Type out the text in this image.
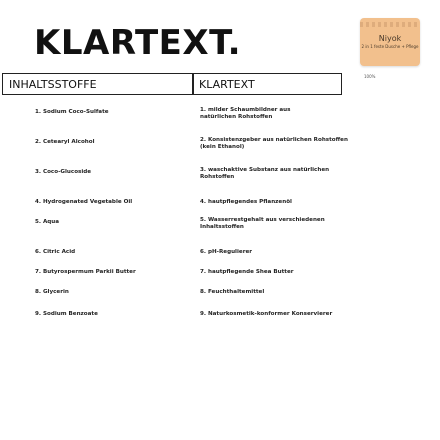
KLARTEXT.	Niyok
2 in 1 feste Dusche + Pflege
100%
INHALTSSTOFFE	KLARTEXT
1. Sodium Coco-Sulfate
2. Cetearyl Alcohol
3. Coco-Glucoside
4. Hydrogenated Vegetable Oil
5. Aqua
6. Citric Acid
7. Butyrospermum Parkii Butter
8. Glycerin
9. Sodium Benzoate
1. milder Schaumbildner aus
natürlichen Rohstoffen
2. Konsistenzgeber aus natürlichen Rohstoffen
(kein Ethanol)
3. waschaktive Substanz aus natürlichen
Rohstoffen
4. hautpflegendes Pflanzenöl
5. Wasserrestgehalt aus verschiedenen
Inhaltsstoffen
6. pH-Regulierer
7. hautpflegende Shea Butter
8. Feuchthaltemittel
9. Naturkosmetik-konformer Konservierer
